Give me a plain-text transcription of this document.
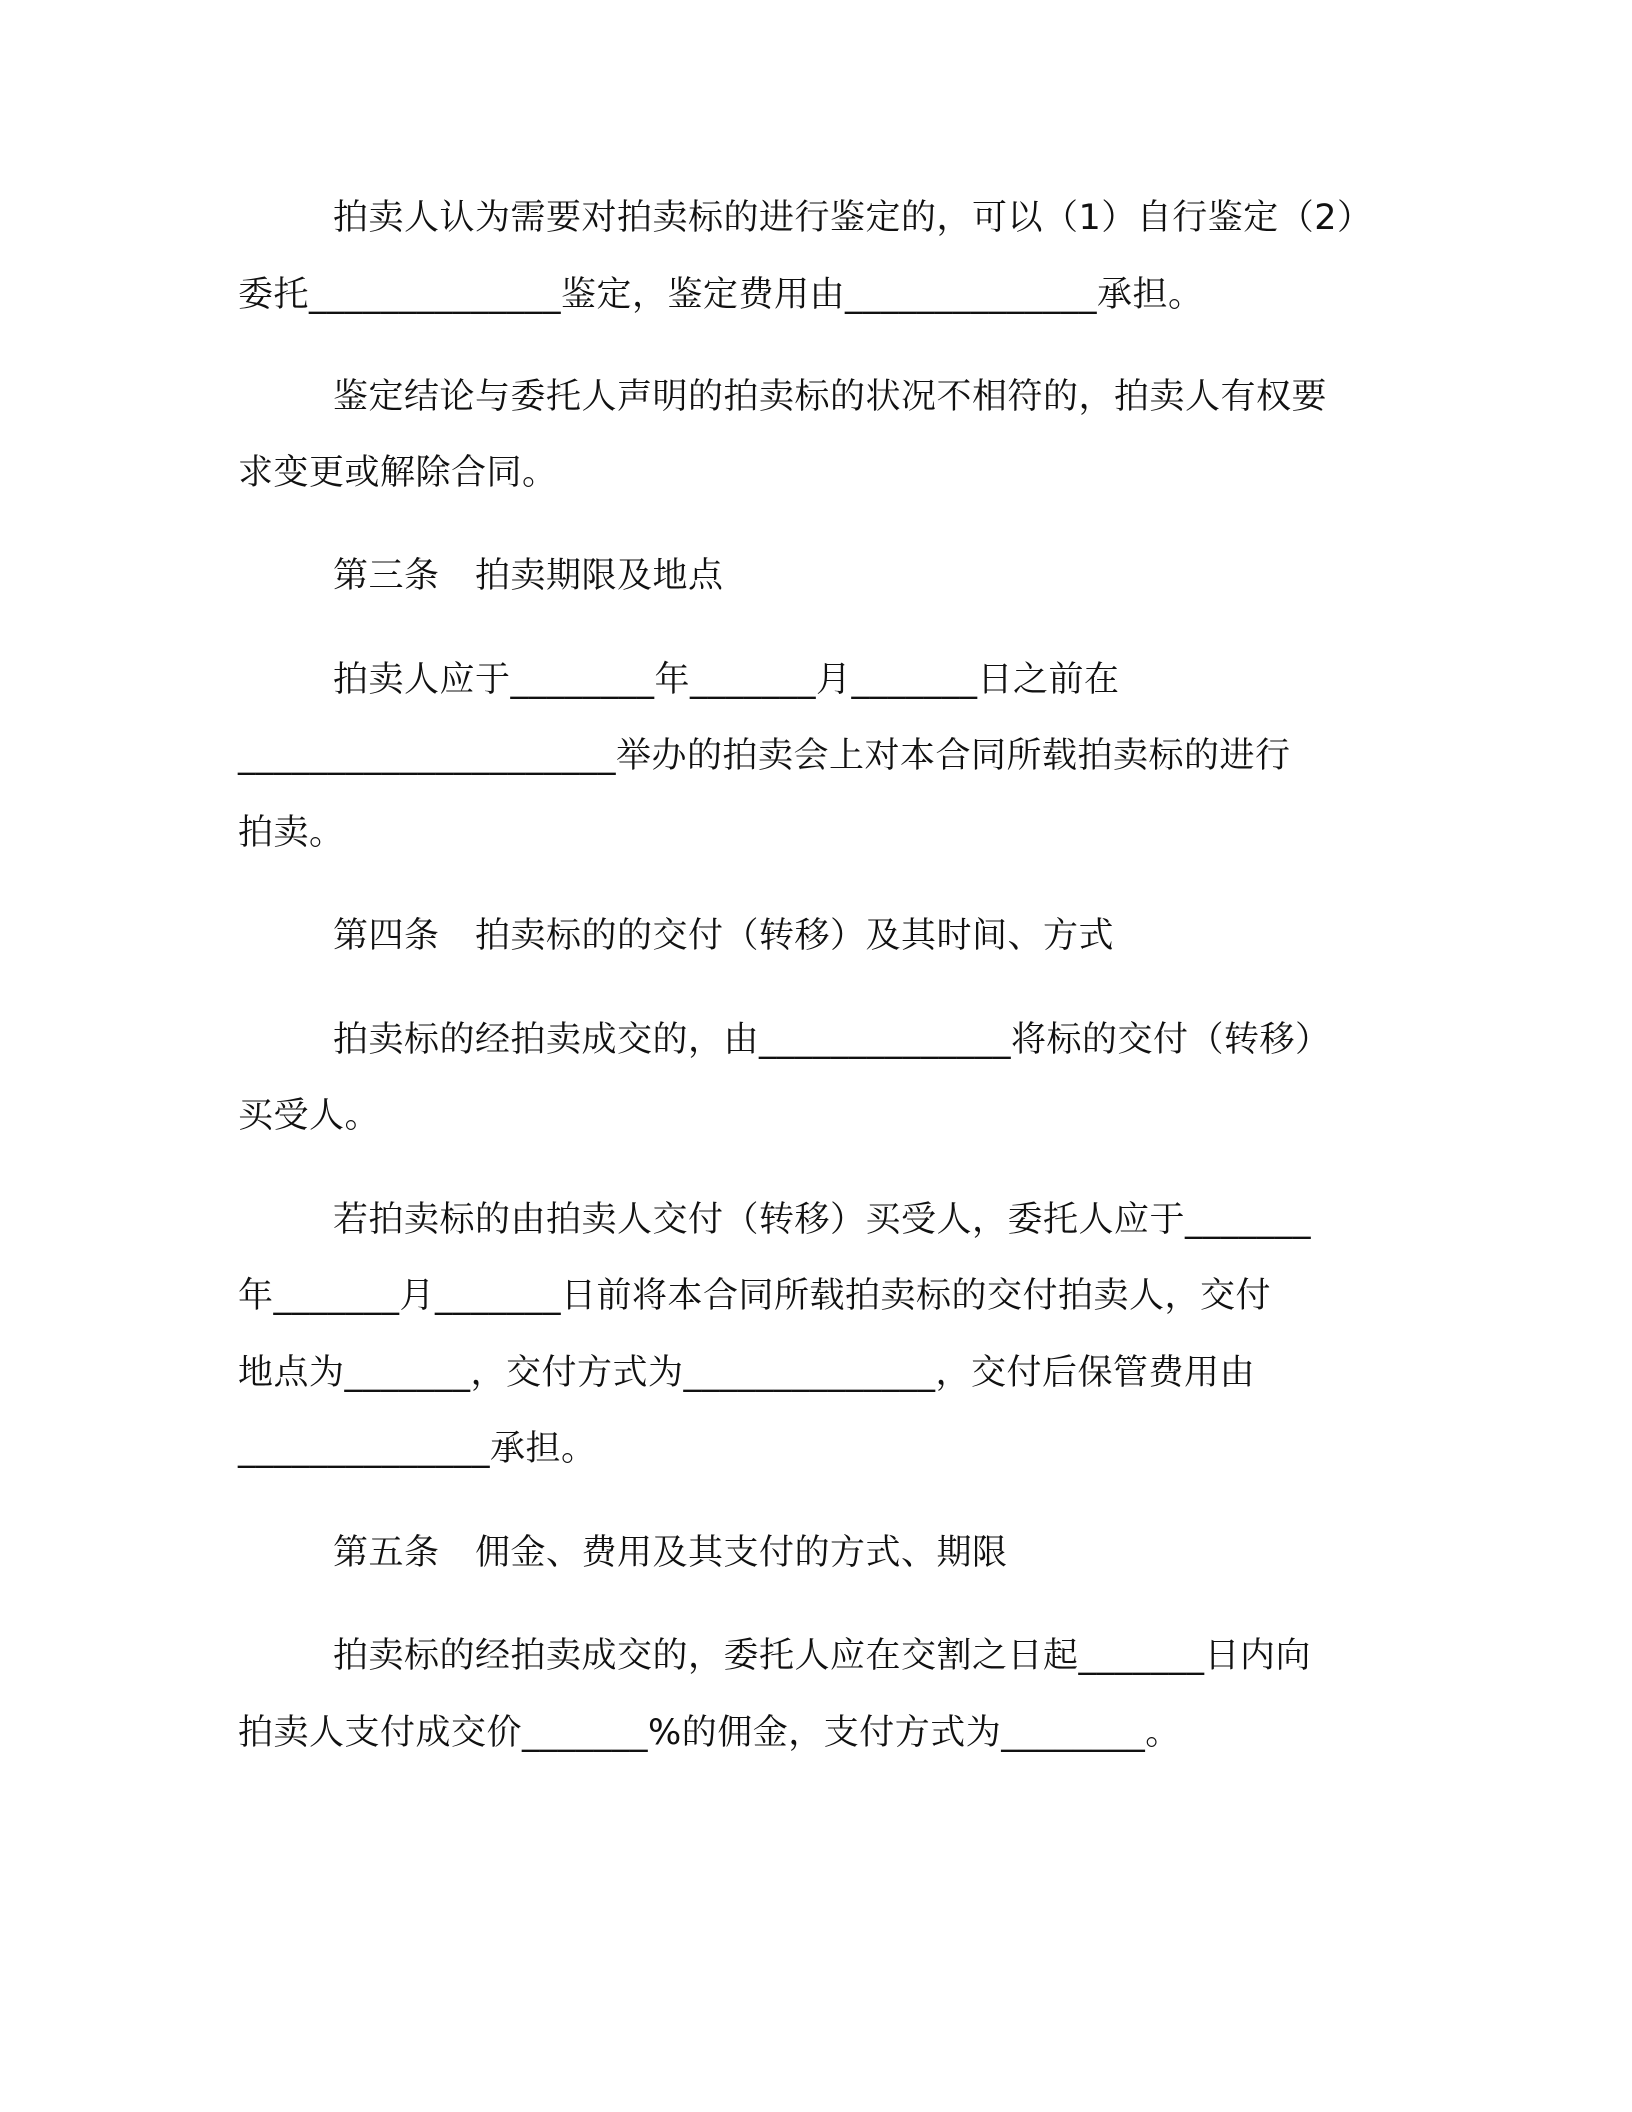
拍卖人认为需要对拍卖标的进行鉴定的，可以（1）自行鉴定（2）
委托______________鉴定，鉴定费用由______________承担。
鉴定结论与委托人声明的拍卖标的状况不相符的，拍卖人有权要
求变更或解除合同。
第三条　拍卖期限及地点
拍卖人应于________年_______月_______日之前在
_____________________举办的拍卖会上对本合同所载拍卖标的进行
拍卖。
第四条　拍卖标的的交付（转移）及其时间、方式
拍卖标的经拍卖成交的，由______________将标的交付（转移）
买受人。
若拍卖标的由拍卖人交付（转移）买受人，委托人应于_______
年_______月_______日前将本合同所载拍卖标的交付拍卖人，交付
地点为_______，交付方式为______________，交付后保管费用由
______________承担。
第五条　佣金、费用及其支付的方式、期限
拍卖标的经拍卖成交的，委托人应在交割之日起_______日内向
拍卖人支付成交价_______%的佣金，支付方式为________。
